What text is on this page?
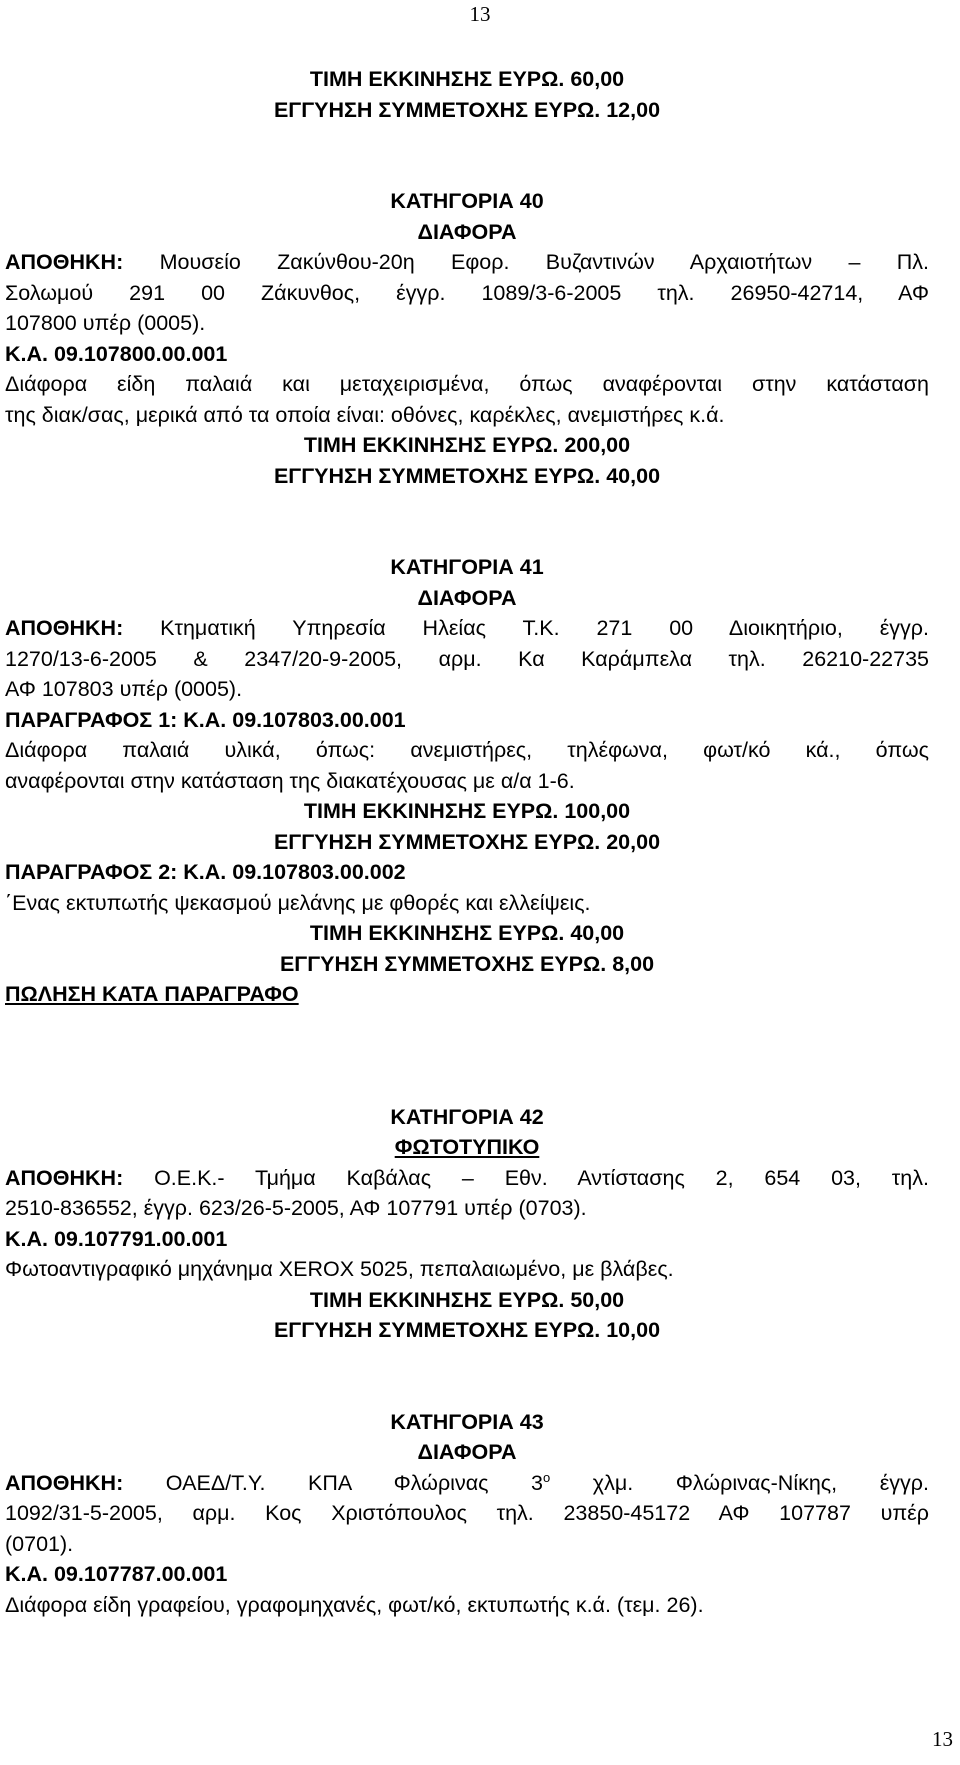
13
ΤΙΜΗ ΕΚΚΙΝΗΣΗΣ ΕΥΡΩ. 60,00
ΕΓΓΥΗΣΗ ΣΥΜΜΕΤΟΧΗΣ ΕΥΡΩ. 12,00
ΚΑΤΗΓΟΡΙΑ 40
ΔΙΑΦΟΡΑ
ΑΠΟΘΗΚΗ: Μουσείο Ζακύνθου-20η Εφορ. Βυζαντινών Αρχαιοτήτων – Πλ.
Σολωμού 291 00 Ζάκυνθος, έγγρ. 1089/3-6-2005 τηλ. 26950-42714, ΑΦ
107800 υπέρ (0005).
Κ.Α. 09.107800.00.001
Διάφορα είδη παλαιά και μεταχειρισμένα, όπως αναφέρονται στην κατάσταση
της διακ/σας, μερικά από τα οποία είναι: οθόνες, καρέκλες, ανεμιστήρες κ.ά.
ΤΙΜΗ ΕΚΚΙΝΗΣΗΣ ΕΥΡΩ. 200,00
ΕΓΓΥΗΣΗ ΣΥΜΜΕΤΟΧΗΣ ΕΥΡΩ. 40,00
ΚΑΤΗΓΟΡΙΑ 41
ΔΙΑΦΟΡΑ
ΑΠΟΘΗΚΗ: Κτηματική Υπηρεσία Ηλείας Τ.Κ. 271 00 Διοικητήριο, έγγρ.
1270/13-6-2005 & 2347/20-9-2005, αρμ. Κα Καράμπελα τηλ. 26210-22735
ΑΦ 107803 υπέρ (0005).
ΠΑΡΑΓΡΑΦΟΣ 1: Κ.Α. 09.107803.00.001
Διάφορα παλαιά υλικά, όπως: ανεμιστήρες, τηλέφωνα, φωτ/κό κά., όπως
αναφέρονται στην κατάσταση της διακατέχουσας με α/α 1-6.
ΤΙΜΗ ΕΚΚΙΝΗΣΗΣ ΕΥΡΩ. 100,00
ΕΓΓΥΗΣΗ ΣΥΜΜΕΤΟΧΗΣ ΕΥΡΩ. 20,00
ΠΑΡΑΓΡΑΦΟΣ 2: Κ.Α. 09.107803.00.002
΄Ενας εκτυπωτής ψεκασμού μελάνης με φθορές και ελλείψεις.
ΤΙΜΗ ΕΚΚΙΝΗΣΗΣ ΕΥΡΩ. 40,00
ΕΓΓΥΗΣΗ ΣΥΜΜΕΤΟΧΗΣ ΕΥΡΩ. 8,00
ΠΩΛΗΣΗ ΚΑΤΑ ΠΑΡΑΓΡΑΦΟ
ΚΑΤΗΓΟΡΙΑ 42
ΦΩΤΟΤΥΠΙΚΟ
ΑΠΟΘΗΚΗ: Ο.Ε.Κ.- Τμήμα Καβάλας – Εθν. Αντίστασης 2, 654 03, τηλ.
2510-836552, έγγρ. 623/26-5-2005, ΑΦ 107791 υπέρ (0703).
Κ.Α. 09.107791.00.001
Φωτοαντιγραφικό μηχάνημα XEROX 5025, πεπαλαιωμένο, με βλάβες.
ΤΙΜΗ ΕΚΚΙΝΗΣΗΣ ΕΥΡΩ. 50,00
ΕΓΓΥΗΣΗ ΣΥΜΜΕΤΟΧΗΣ ΕΥΡΩ. 10,00
ΚΑΤΗΓΟΡΙΑ 43
ΔΙΑΦΟΡΑ
ΑΠΟΘΗΚΗ: ΟΑΕΔ/Τ.Υ. ΚΠΑ Φλώρινας $3^o$ χλμ. Φλώρινας-Νίκης, έγγρ.
1092/31-5-2005, αρμ. Κος Χριστόπουλος τηλ. 23850-45172 ΑΦ 107787 υπέρ
(0701).
Κ.Α. 09.107787.00.001
Διάφορα είδη γραφείου, γραφομηχανές, φωτ/κό, εκτυπωτής κ.ά. (τεμ. 26).
13
